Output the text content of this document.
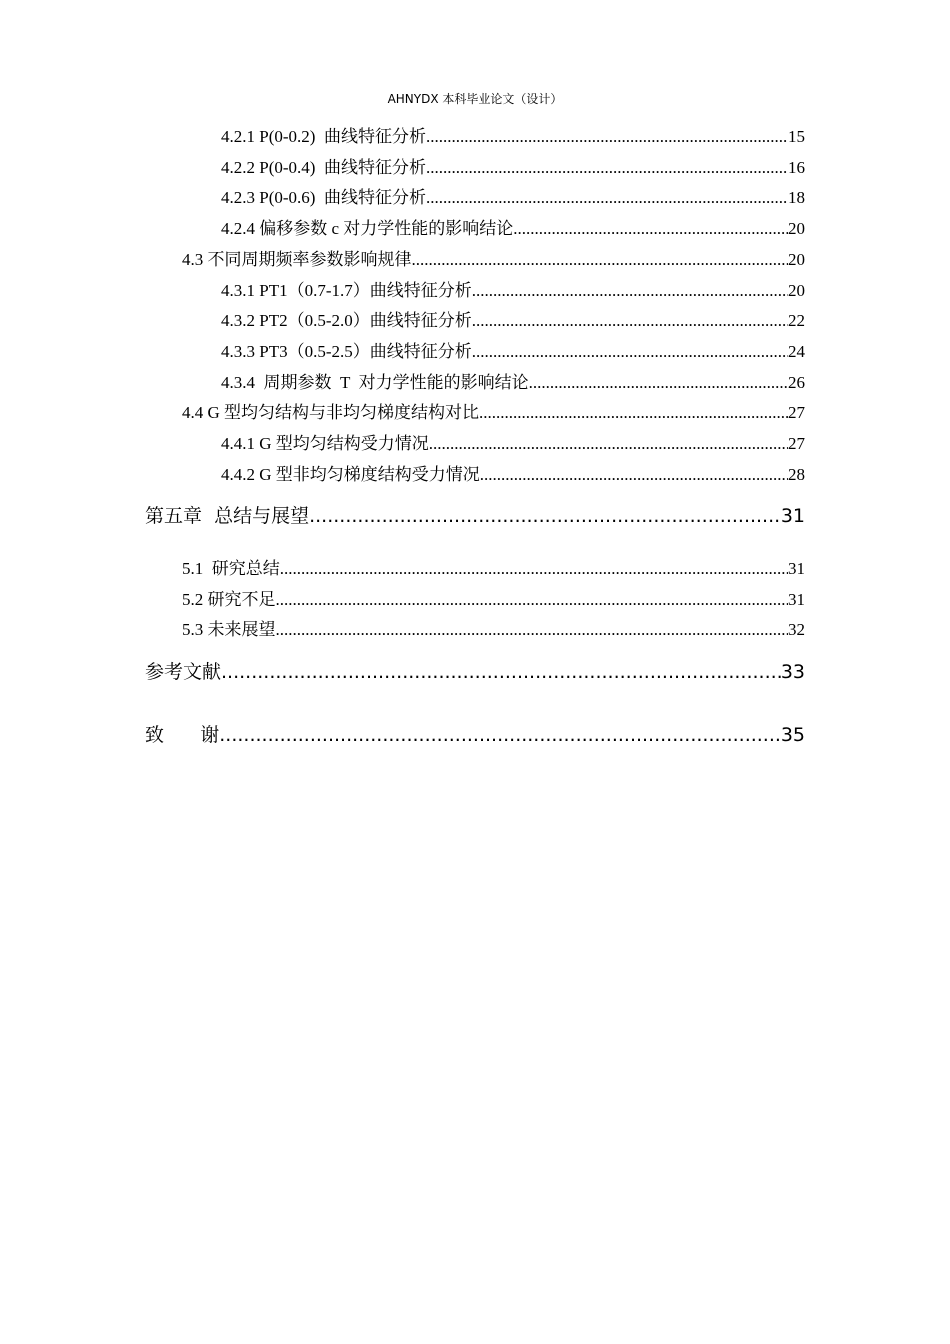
AHNYDX 本科毕业论文（设计）
4.2.1 P(0-0.2)  曲线特征分析 .....	15
4.2.2 P(0-0.4)  曲线特征分析 .....	16
4.2.3 P(0-0.6)  曲线特征分析 .....	18
4.2.4 偏移参数 c 对力学性能的影响结论 .....	20
4.3 不同周期频率参数影响规律 .....	20
4.3.1 PT1（0.7-1.7）曲线特征分析 .....	20
4.3.2 PT2（0.5-2.0）曲线特征分析 .....	22
4.3.3 PT3（0.5-2.5）曲线特征分析 .....	24
4.3.4  周期参数  T  对力学性能的影响结论 .....	26
4.4 G 型均匀结构与非均匀梯度结构对比 .....	27
4.4.1 G 型均匀结构受力情况 .....	27
4.4.2 G 型非均匀梯度结构受力情况 .....	28
第五章  总结与展望 .....	31
5.1  研究总结 .....	31
5.2 研究不足 .....	31
5.3 未来展望 .....	32
参考文献 .....	33
致      谢 .....	35
